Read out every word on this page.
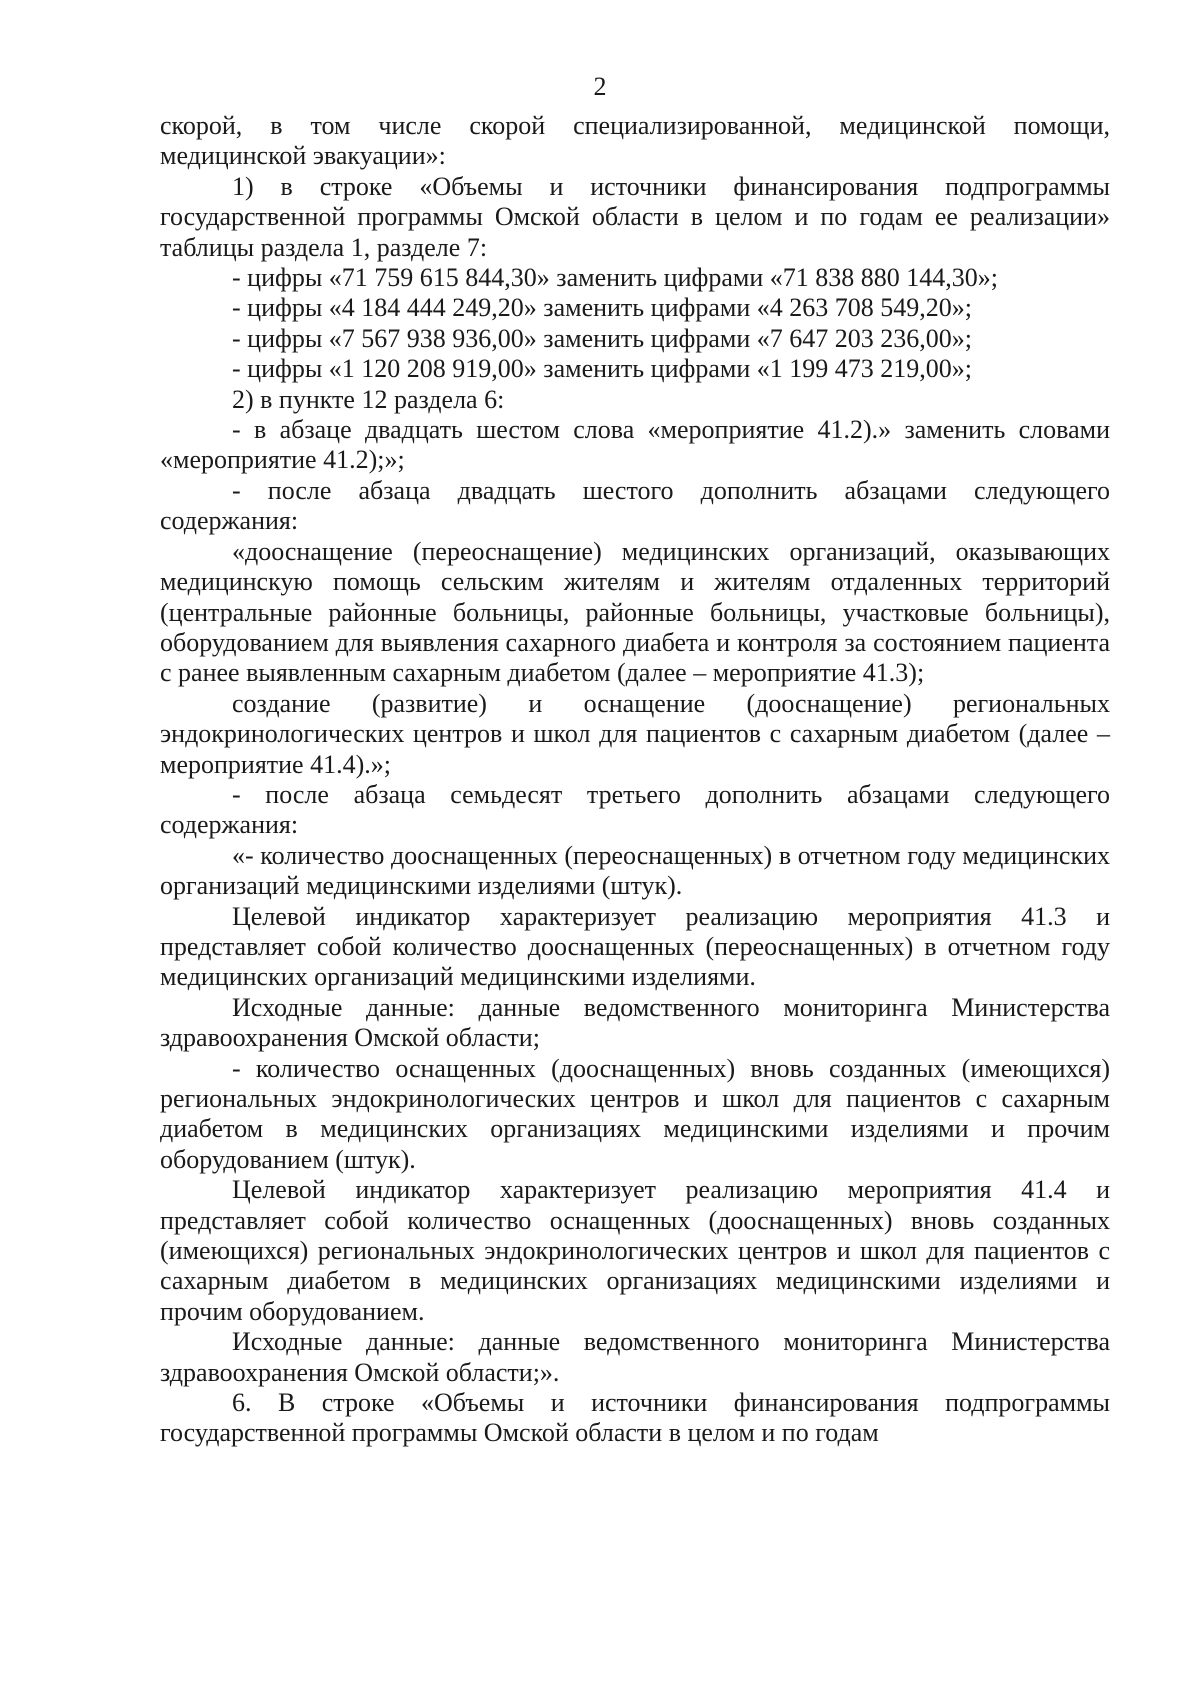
2

скорой, в том числе скорой специализированной, медицинской помощи, медицинской эвакуации»:

1) в строке «Объемы и источники финансирования подпрограммы государственной программы Омской области в целом и по годам ее реализации» таблицы раздела 1, разделе 7:

- цифры «71 759 615 844,30» заменить цифрами «71 838 880 144,30»;

- цифры «4 184 444 249,20» заменить цифрами «4 263 708 549,20»;

- цифры «7 567 938 936,00» заменить цифрами «7 647 203 236,00»;

- цифры «1 120 208 919,00» заменить цифрами «1 199 473 219,00»;

2) в пункте 12 раздела 6:

- в абзаце двадцать шестом слова «мероприятие 41.2).» заменить словами «мероприятие 41.2);»;

- после абзаца двадцать шестого дополнить абзацами следующего содержания:

«дооснащение (переоснащение) медицинских организаций, оказывающих медицинскую помощь сельским жителям и жителям отдаленных территорий (центральные районные больницы, районные больницы, участковые больницы), оборудованием для выявления сахарного диабета и контроля за состоянием пациента с ранее выявленным сахарным диабетом (далее – мероприятие 41.3);

создание (развитие) и оснащение (дооснащение) региональных эндокринологических центров и школ для пациентов с сахарным диабетом (далее – мероприятие 41.4).»;

- после абзаца семьдесят третьего дополнить абзацами следующего содержания:

«- количество дооснащенных (переоснащенных) в отчетном году медицинских организаций медицинскими изделиями (штук).

Целевой индикатор характеризует реализацию мероприятия 41.3 и представляет собой количество дооснащенных (переоснащенных) в отчетном году медицинских организаций медицинскими изделиями.

Исходные данные: данные ведомственного мониторинга Министерства здравоохранения Омской области;

- количество оснащенных (дооснащенных) вновь созданных (имеющихся) региональных эндокринологических центров и школ для пациентов с сахарным диабетом в медицинских организациях медицинскими изделиями и прочим оборудованием (штук).

Целевой индикатор характеризует реализацию мероприятия 41.4 и представляет собой количество оснащенных (дооснащенных) вновь созданных (имеющихся) региональных эндокринологических центров и школ для пациентов с сахарным диабетом в медицинских организациях медицинскими изделиями и прочим оборудованием.

Исходные данные: данные ведомственного мониторинга Министерства здравоохранения Омской области;».

6. В строке «Объемы и источники финансирования подпрограммы государственной программы Омской области в целом и по годам
